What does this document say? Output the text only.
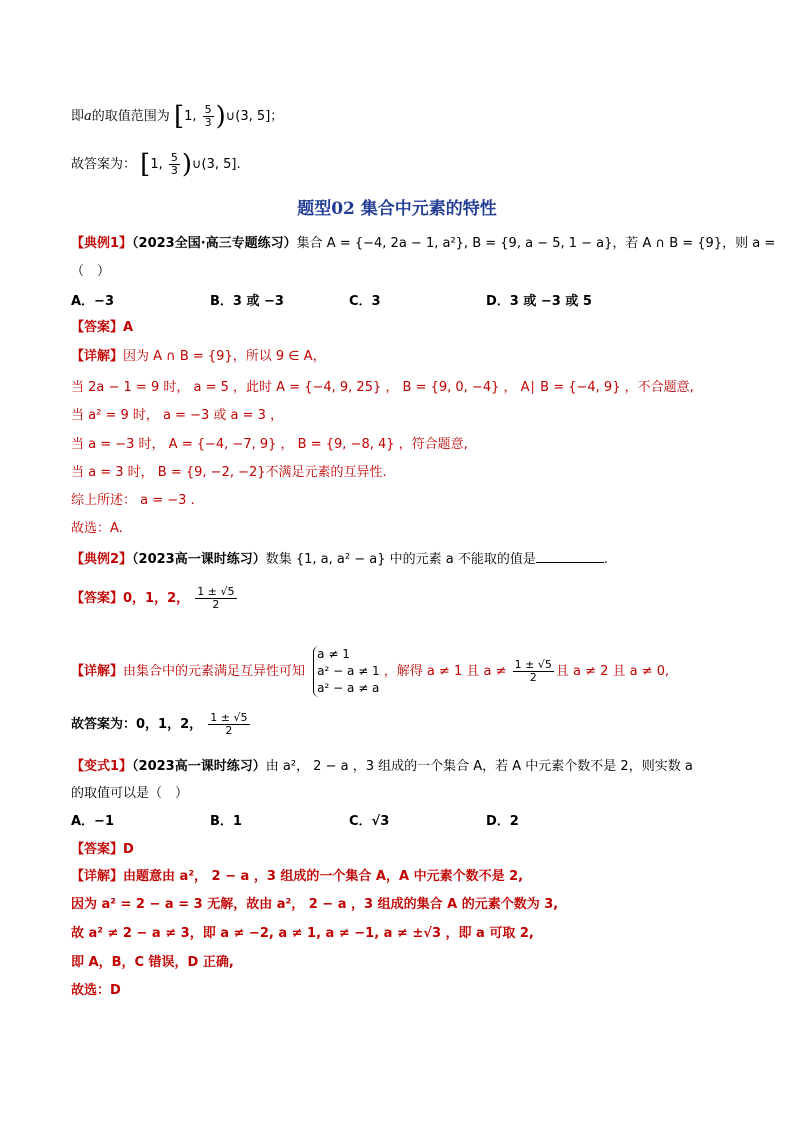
即a的取值范围为 [1, $\frac{5}{3}$ )∪(3, 5]；
故答案为： [1, $\frac{5}{3}$ )∪(3, 5].
题型02 集合中元素的特性
【典例1】（2023全国·高三专题练习）集合 A = {−4, 2a − 1, a²}, B = {9, a − 5, 1 − a}，若 A ∩ B = {9}，则 a =
（　）
A．−3	B．3 或 −3	C．3	D．3 或 −3 或 5
【答案】A
【详解】因为 A ∩ B = {9}，所以 9 ∈ A，
当 2a − 1 = 9 时， a = 5 ，此时 A = {−4, 9, 25} ， B = {9, 0, −4} ， A∣ B = {−4, 9} ，不合题意,
当 a² = 9 时， a = −3 或 a = 3 ，
当 a = −3 时， A = {−4, −7, 9} ， B = {9, −8, 4} ，符合题意,
当 a = 3 时， B = {9, −2, −2}不满足元素的互异性.
综上所述： a = −3 .
故选：A.
【典例2】（2023高一课时练习）数集 {1, a, a² − a} 中的元素 a 不能取的值是	.
【答案】0，1，2， $\frac{1 \pm √5}{2}$
【详解】由集合中的元素满足互异性可知
a ≠ 1
a² − a ≠ 1
a² − a ≠ a
，解得 a ≠ 1 且 $a \ne \frac{1 \pm √5}{2}$ 且 a ≠ 2 且 a ≠ 0,
故答案为：0，1，2， $\frac{1 \pm √5}{2}$
【变式1】（2023高一课时练习）由 a²， 2 − a ，3 组成的一个集合 A，若 A 中元素个数不是 2，则实数 a
的取值可以是（　）
A．−1	B．1	C．√3	D．2
【答案】D
【详解】由题意由 a²， 2 − a ，3 组成的一个集合 A，A 中元素个数不是 2,
因为 a² = 2 − a = 3 无解，故由 a²， 2 − a ，3 组成的集合 A 的元素个数为 3,
故 a² ≠ 2 − a ≠ 3，即 a ≠ −2, a ≠ 1, a ≠ −1, a ≠ ±√3 ，即 a 可取 2,
即 A，B，C 错误，D 正确,
故选：D
